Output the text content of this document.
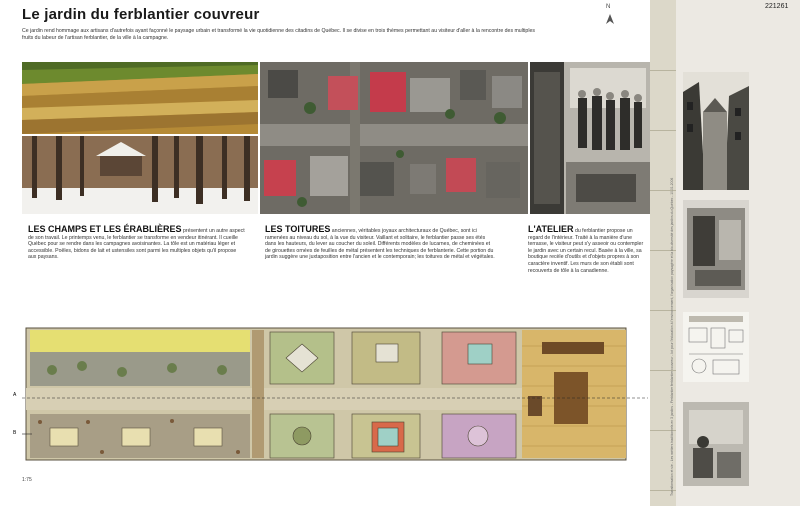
Le jardin du ferblantier couvreur
Ce jardin rend hommage aux artisans d'autrefois ayant façonné le paysage urbain et transformé la vie quotidienne des citadins de Québec. Il se divise en trois thèmes permettant au visiteur d'aller à la rencontre des multiples fruits du labeur de l'artisan ferblantier, de la ville à la campagne.
N
LES CHAMPS ET LES ÉRABLIÈRES présentent un autre aspect de son travail. Le printemps venu, le ferblantier se transforme en vendeur itinérant. Il cueille Québec pour se rendre dans les campagnes avoisinantes. La tôle est un matériau léger et accessible. Poêles, bidons de lait et ustensiles sont parmi les multiples objets qu'il propose aux paysans.
LES TOITURES anciennes, véritables joyaux architecturaux de Québec, sont ici ramenées au niveau du sol, à la vue du visiteur. Vaillant et solitaire, le ferblantier passe ses étés dans les hauteurs, du lever au coucher du soleil. Différents modèles de lucarnes, de cheminées et de girouettes ornées de feuilles de métal présentent les techniques de ferblanterie. Cette portion du jardin suggère une juxtaposition entre l'ancien et le contemporain; les toitures de métal et végétales.
L'ATELIER du ferblantier propose un regard de l'intérieur. Traité à la manière d'une terrasse, le visiteur peut s'y asseoir ou contempler le jardin avec un certain recul. Basée à la ville, sa boutique recèle d'outils et d'objets propres à son caractère inventif. Les murs de son établi sont recouverts de tôle à la canadienne.
A
B
1:75
221261
Transformation et vie - Les métiers traditionnels en 3 jardins - Ferblantier ferblantier couvreur - lot pour l'éducation à l'environnement, l'organisation paysagère et la bio-diversité des jardins du Québec - 10.01.2006
